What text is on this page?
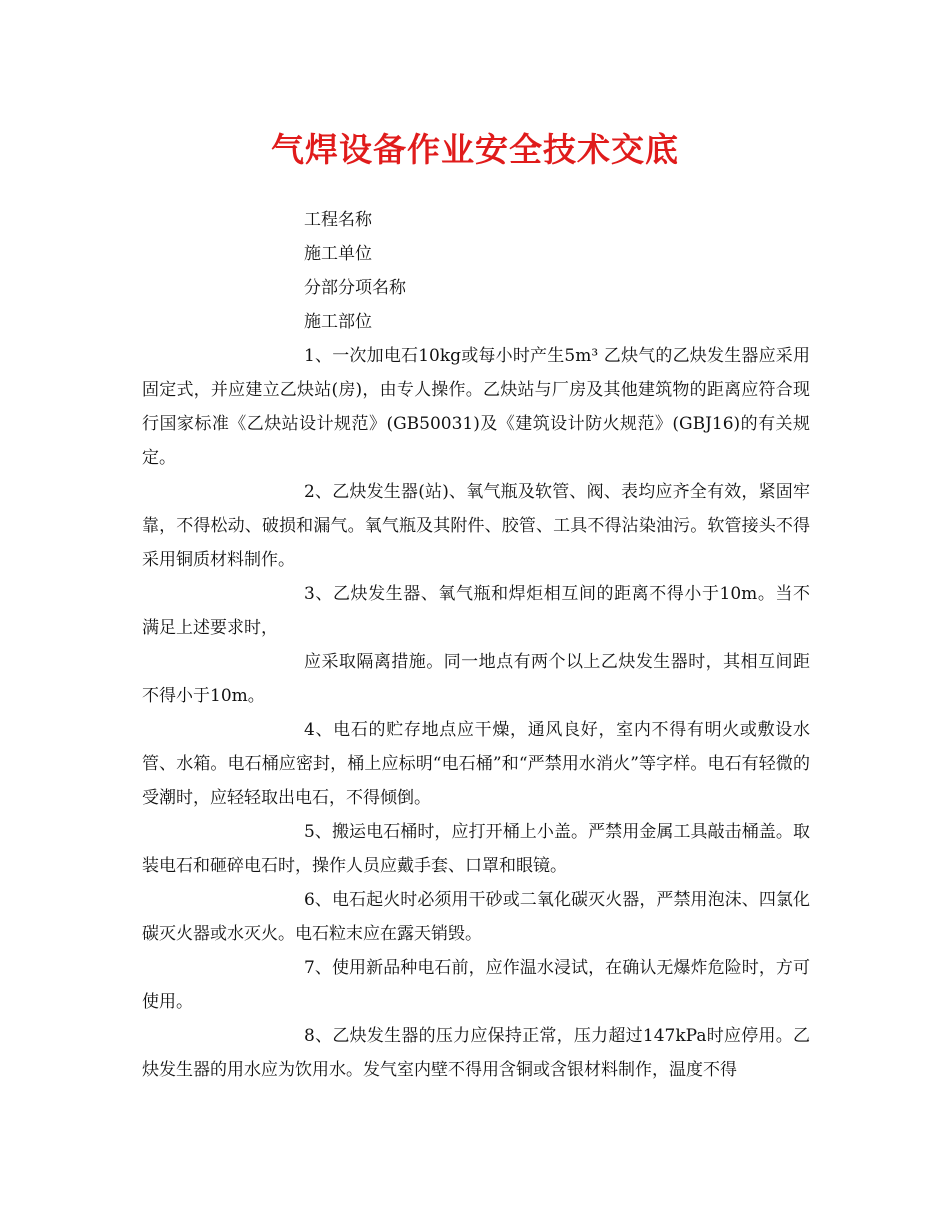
气焊设备作业安全技术交底
工程名称
施工单位
分部分项名称
施工部位

1、一次加电石10kg或每小时产生5m³ 乙炔气的乙炔发生器应采用固定式，并应建立乙炔站(房)，由专人操作。乙炔站与厂房及其他建筑物的距离应符合现行国家标准《乙炔站设计规范》(GB50031)及《建筑设计防火规范》(GBJ16)的有关规定。

2、乙炔发生器(站)、氧气瓶及软管、阀、表均应齐全有效，紧固牢靠，不得松动、破损和漏气。氧气瓶及其附件、胶管、工具不得沾染油污。软管接头不得采用铜质材料制作。

3、乙炔发生器、氧气瓶和焊炬相互间的距离不得小于10m。当不满足上述要求时，

应采取隔离措施。同一地点有两个以上乙炔发生器时，其相互间距不得小于10m。

4、电石的贮存地点应干燥，通风良好，室内不得有明火或敷设水管、水箱。电石桶应密封，桶上应标明“电石桶”和“严禁用水消火”等字样。电石有轻微的受潮时，应轻轻取出电石，不得倾倒。

5、搬运电石桶时，应打开桶上小盖。严禁用金属工具敲击桶盖。取装电石和砸碎电石时，操作人员应戴手套、口罩和眼镜。

6、电石起火时必须用干砂或二氧化碳灭火器，严禁用泡沫、四氯化碳灭火器或水灭火。电石粒末应在露天销毁。

7、使用新品种电石前，应作温水浸试，在确认无爆炸危险时，方可使用。

8、乙炔发生器的压力应保持正常，压力超过147kPa时应停用。乙炔发生器的用水应为饮用水。发气室内壁不得用含铜或含银材料制作，温度不得
